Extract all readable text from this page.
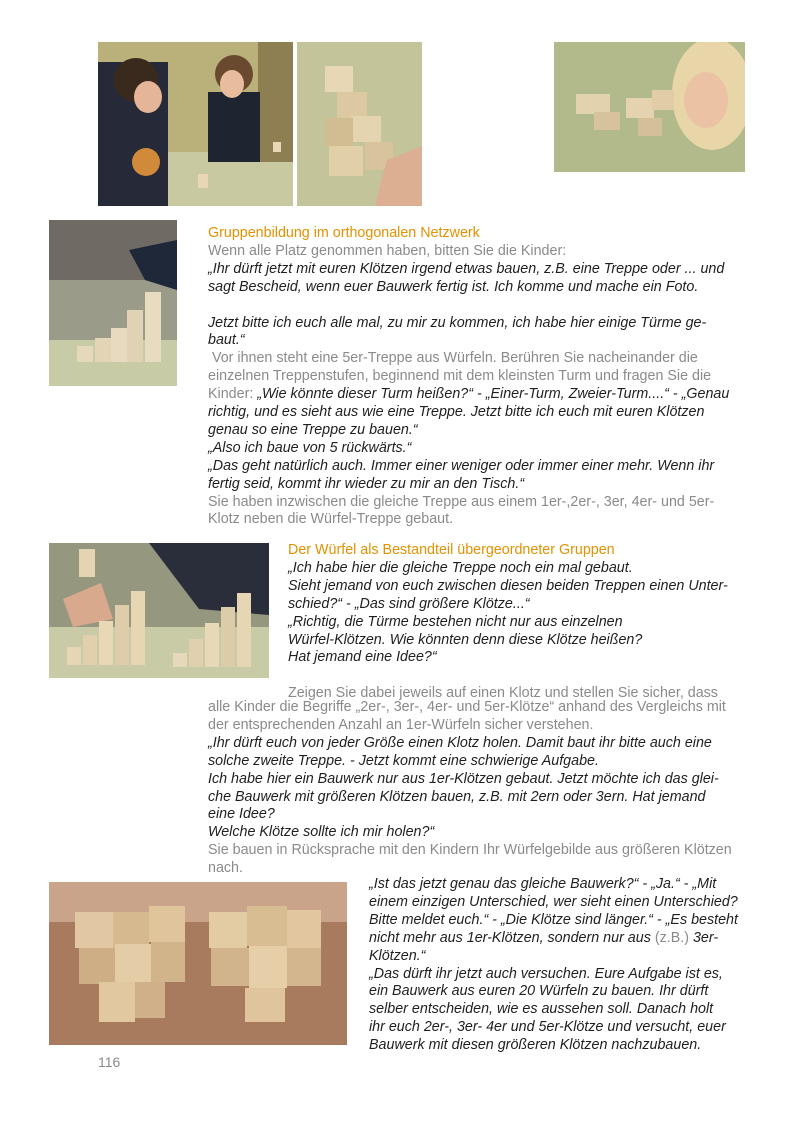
Gruppenbildung im orthogonalen Netzwerk

Wenn alle Platz genommen haben, bitten Sie die Kinder:

„Ihr dürft jetzt mit euren Klötzen irgend etwas bauen, z.B. eine Treppe oder ... und

sagt Bescheid, wenn euer Bauwerk fertig ist. Ich komme und mache ein Foto.

Jetzt bitte ich euch alle mal, zu mir zu kommen, ich habe hier einige Türme ge-

baut.“

Vor ihnen steht eine 5er-Treppe aus Würfeln. Berühren Sie nacheinander die

einzelnen Treppenstufen, beginnend mit dem kleinsten Turm und fragen Sie die

Kinder: „Wie könnte dieser Turm heißen?“ - „Einer-Turm, Zweier-Turm....“ - „Genau

richtig, und es sieht aus wie eine Treppe. Jetzt bitte ich euch mit euren Klötzen

genau so eine Treppe zu bauen.“

„Also ich baue von 5 rückwärts.“

„Das geht natürlich auch. Immer einer weniger oder immer einer mehr. Wenn ihr

fertig seid, kommt ihr wieder zu mir an den Tisch.“

Sie haben inzwischen die gleiche Treppe aus einem 1er-,2er-, 3er, 4er- und 5er-

Klotz neben die Würfel-Treppe gebaut.

Der Würfel als Bestandteil übergeordneter Gruppen

„Ich habe hier die gleiche Treppe noch ein mal gebaut.

Sieht jemand von euch zwischen diesen beiden Treppen einen Unter-

schied?“ - „Das sind größere Klötze...“

„Richtig, die Türme bestehen nicht nur aus einzelnen

Würfel-Klötzen. Wie könnten denn diese Klötze heißen?

Hat jemand eine Idee?“

Zeigen Sie dabei jeweils auf einen Klotz und stellen Sie sicher, dass

alle Kinder die Begriffe „2er-, 3er-, 4er- und 5er-Klötze“ anhand des Vergleichs mit

der entsprechenden Anzahl an 1er-Würfeln sicher verstehen.

„Ihr dürft euch von jeder Größe einen Klotz holen. Damit baut ihr bitte auch eine

solche zweite Treppe. - Jetzt kommt eine schwierige Aufgabe.

Ich habe hier ein Bauwerk nur aus 1er-Klötzen gebaut. Jetzt möchte ich das glei-

che Bauwerk mit größeren Klötzen bauen, z.B. mit 2ern oder 3ern. Hat jemand

eine Idee?

Welche Klötze sollte ich mir holen?“

Sie bauen in Rücksprache mit den Kindern Ihr Würfelgebilde aus größeren Klötzen

nach.

„Ist das jetzt genau das gleiche Bauwerk?“ - „Ja.“ - „Mit

einem einzigen Unterschied, wer sieht einen Unterschied?

Bitte meldet euch.“ - „Die Klötze sind länger.“ - „Es besteht

nicht mehr aus 1er-Klötzen, sondern nur aus (z.B.) 3er-

Klötzen.“

„Das dürft ihr jetzt auch versuchen. Eure Aufgabe ist es,

ein Bauwerk aus euren 20 Würfeln zu bauen. Ihr dürft

selber entscheiden, wie es aussehen soll. Danach holt

ihr euch 2er-, 3er- 4er und 5er-Klötze und versucht, euer

Bauwerk mit diesen größeren Klötzen nachzubauen.

116
